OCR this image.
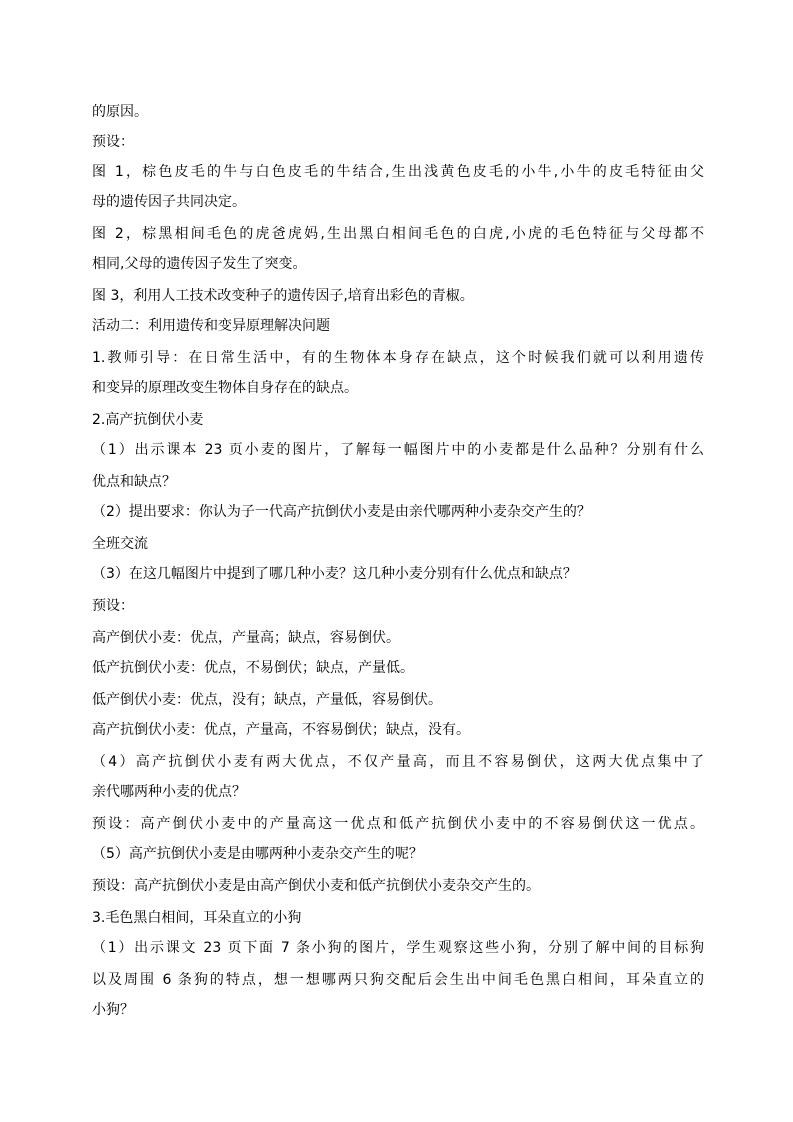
的原因。
预设：
图 1，棕色皮毛的牛与白色皮毛的牛结合,生出浅黄色皮毛的小牛,小牛的皮毛特征由父
母的遗传因子共同决定。
图 2，棕黑相间毛色的虎爸虎妈,生出黑白相间毛色的白虎,小虎的毛色特征与父母都不
相同,父母的遗传因子发生了突变。
图 3，利用人工技术改变种子的遗传因子,培育出彩色的青椒。
活动二：利用遗传和变异原理解决问题
1.教师引导：在日常生活中，有的生物体本身存在缺点，这个时候我们就可以利用遗传
和变异的原理改变生物体自身存在的缺点。
2.高产抗倒伏小麦
（1）出示课本 23 页小麦的图片，了解每一幅图片中的小麦都是什么品种？分别有什么
优点和缺点？
（2）提出要求：你认为子一代高产抗倒伏小麦是由亲代哪两种小麦杂交产生的？
全班交流
（3）在这几幅图片中提到了哪几种小麦？这几种小麦分别有什么优点和缺点？
预设：
高产倒伏小麦：优点，产量高；缺点，容易倒伏。
低产抗倒伏小麦：优点，不易倒伏；缺点，产量低。
低产倒伏小麦：优点，没有；缺点，产量低，容易倒伏。
高产抗倒伏小麦：优点，产量高，不容易倒伏；缺点，没有。
（4）高产抗倒伏小麦有两大优点，不仅产量高，而且不容易倒伏，这两大优点集中了
亲代哪两种小麦的优点？
预设：高产倒伏小麦中的产量高这一优点和低产抗倒伏小麦中的不容易倒伏这一优点。
（5）高产抗倒伏小麦是由哪两种小麦杂交产生的呢？
预设：高产抗倒伏小麦是由高产倒伏小麦和低产抗倒伏小麦杂交产生的。
3.毛色黑白相间，耳朵直立的小狗
（1）出示课文 23 页下面 7 条小狗的图片，学生观察这些小狗，分别了解中间的目标狗
以及周围 6 条狗的特点，想一想哪两只狗交配后会生出中间毛色黑白相间，耳朵直立的
小狗？
